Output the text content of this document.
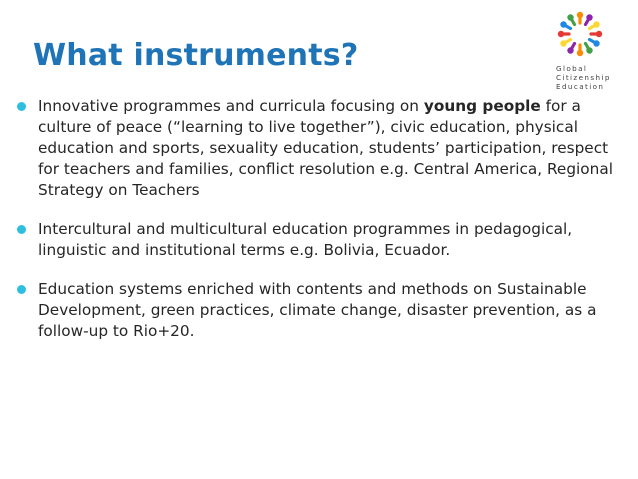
Global
Citizenship
Education
What instruments?
Innovative programmes and curricula focusing on young people for a culture of peace (“learning to live together”), civic education, physical education and sports, sexuality education, students’ participation, respect for teachers and families, conflict resolution e.g. Central America, Regional Strategy on Teachers
Intercultural and multicultural education programmes in pedagogical, linguistic and institutional terms e.g. Bolivia, Ecuador.
Education systems enriched with contents and methods on Sustainable Development, green practices, climate change, disaster prevention, as a follow-up to Rio+20.
